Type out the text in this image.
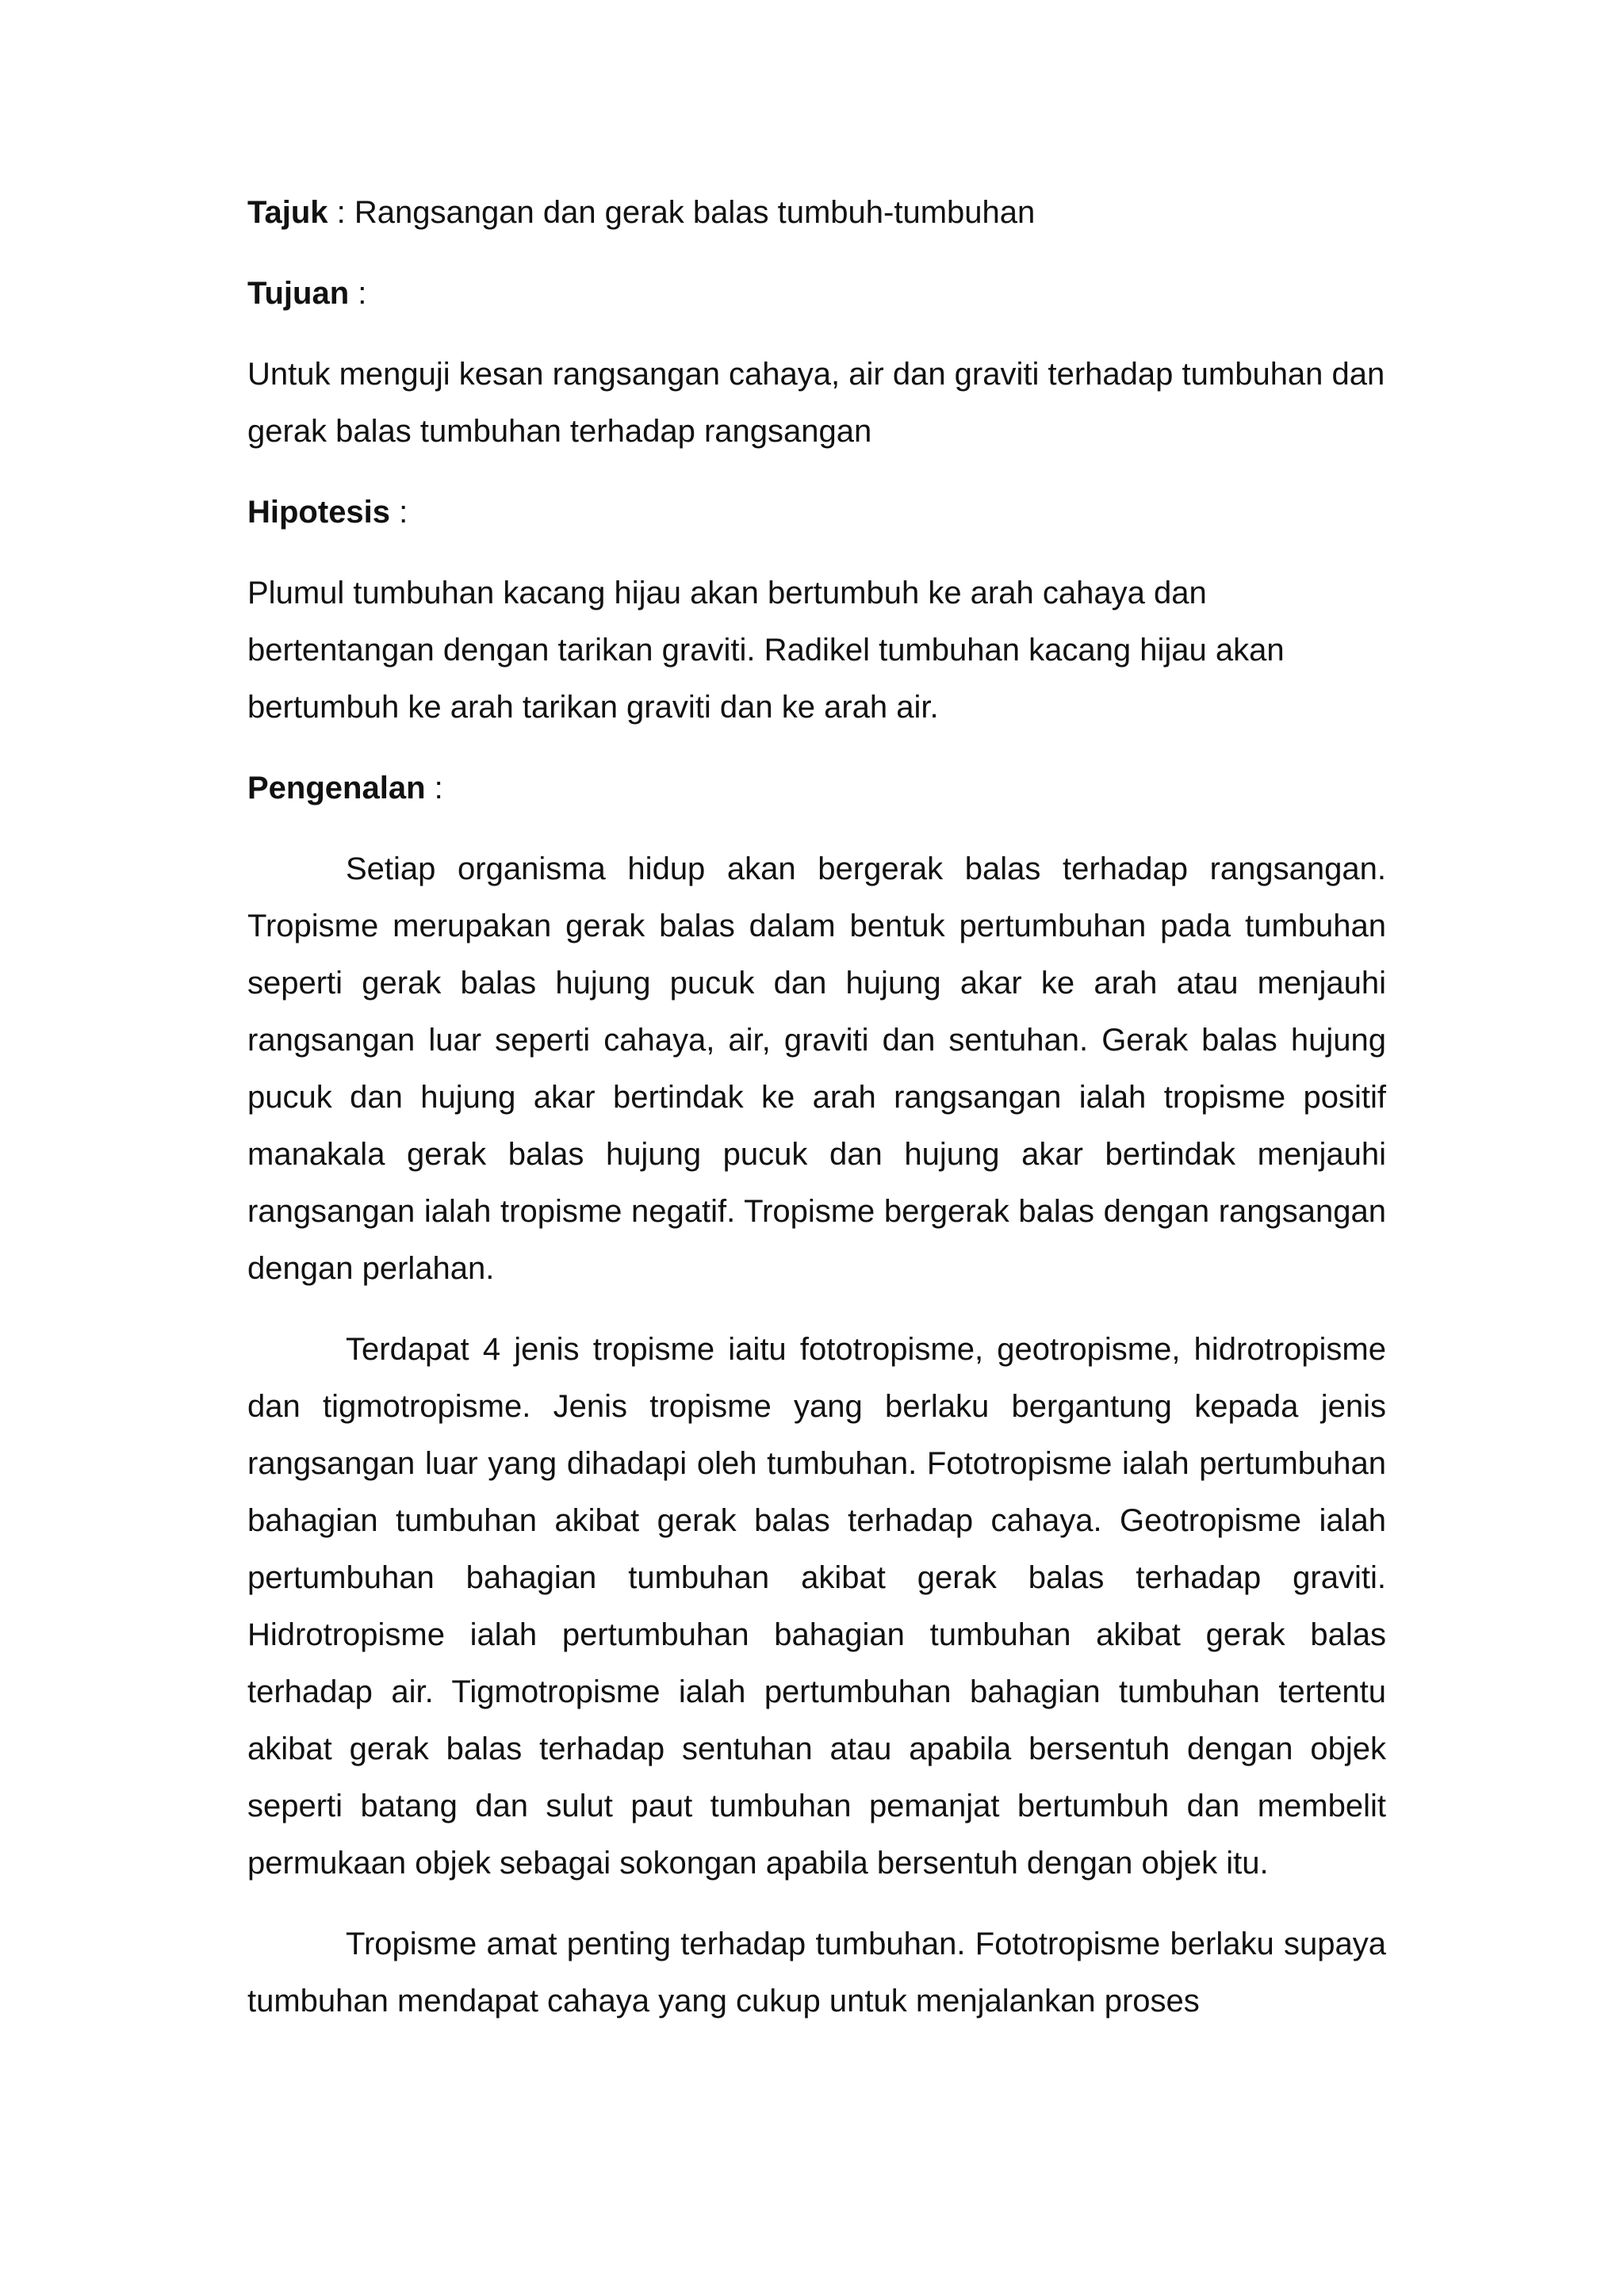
Tajuk : Rangsangan dan gerak balas tumbuh-tumbuhan

Tujuan :

Untuk menguji kesan rangsangan cahaya, air dan graviti terhadap tumbuhan dan gerak balas tumbuhan terhadap rangsangan

Hipotesis :

Plumul tumbuhan kacang hijau akan bertumbuh ke arah cahaya dan bertentangan dengan tarikan graviti. Radikel tumbuhan kacang hijau akan bertumbuh ke arah tarikan graviti dan ke arah air.

Pengenalan :

Setiap organisma hidup akan bergerak balas terhadap rangsangan. Tropisme merupakan gerak balas dalam bentuk pertumbuhan pada tumbuhan seperti gerak balas hujung pucuk dan hujung akar ke arah atau menjauhi rangsangan luar seperti cahaya, air, graviti dan sentuhan. Gerak balas hujung pucuk dan hujung akar bertindak ke arah rangsangan ialah tropisme positif manakala gerak balas hujung pucuk dan hujung akar bertindak menjauhi rangsangan ialah tropisme negatif. Tropisme bergerak balas dengan rangsangan dengan perlahan.

Terdapat 4 jenis tropisme iaitu fototropisme, geotropisme, hidrotropisme dan tigmotropisme. Jenis tropisme yang berlaku bergantung kepada jenis rangsangan luar yang dihadapi oleh tumbuhan. Fototropisme ialah pertumbuhan bahagian tumbuhan akibat gerak balas terhadap cahaya. Geotropisme ialah pertumbuhan bahagian tumbuhan akibat gerak balas terhadap graviti. Hidrotropisme ialah pertumbuhan bahagian tumbuhan akibat gerak balas terhadap air. Tigmotropisme ialah pertumbuhan bahagian tumbuhan tertentu akibat gerak balas terhadap sentuhan atau apabila bersentuh dengan objek seperti batang dan sulut paut tumbuhan pemanjat bertumbuh dan membelit permukaan objek sebagai sokongan apabila bersentuh dengan objek itu.

Tropisme amat penting terhadap tumbuhan. Fototropisme berlaku supaya tumbuhan mendapat cahaya yang cukup untuk menjalankan proses
